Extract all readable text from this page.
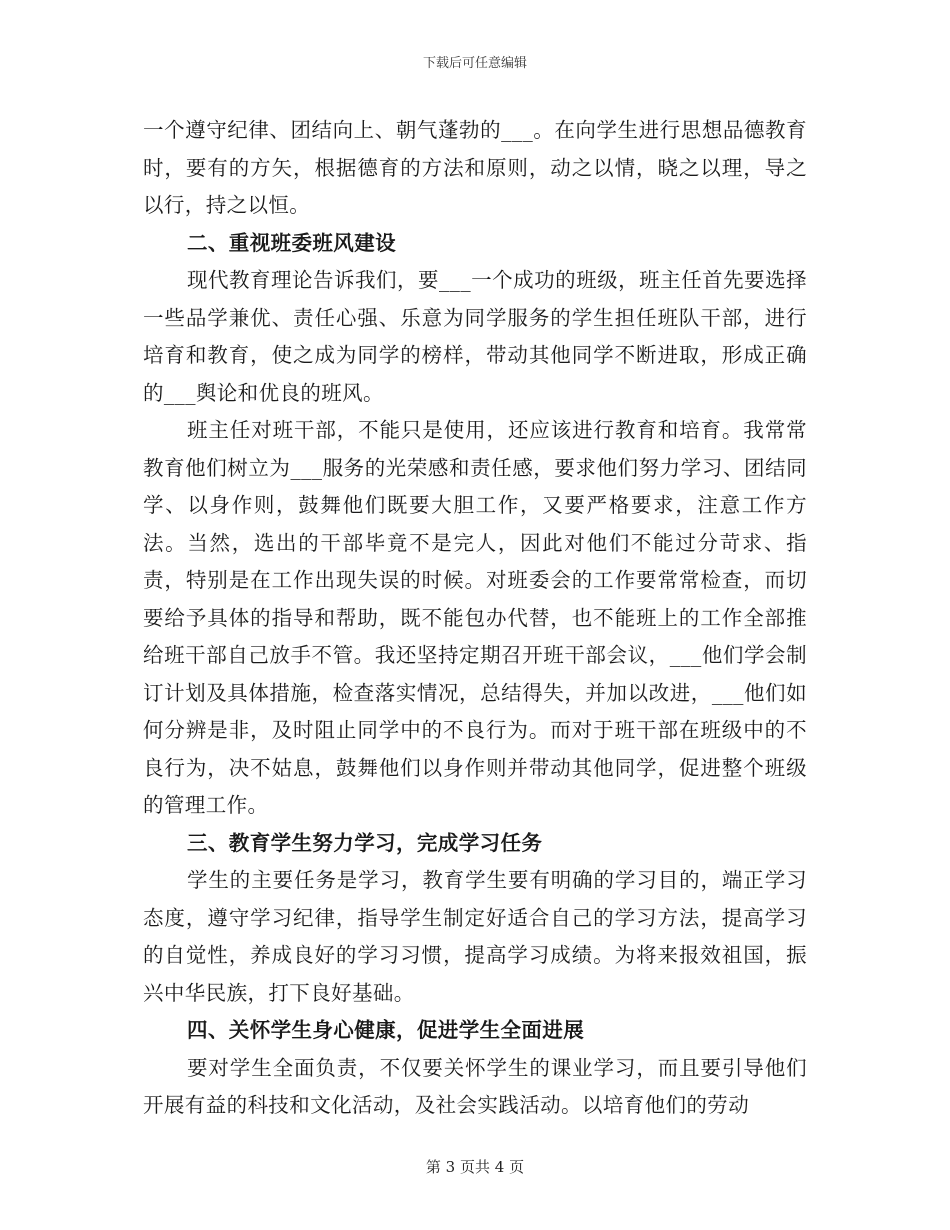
下载后可任意编辑

一个遵守纪律、团结向上、朝气蓬勃的___。在向学生进行思想品德教育时，要有的方矢，根据德育的方法和原则，动之以情，晓之以理，导之以行，持之以恒。

二、重视班委班风建设

现代教育理论告诉我们，要___一个成功的班级，班主任首先要选择一些品学兼优、责任心强、乐意为同学服务的学生担任班队干部，进行培育和教育，使之成为同学的榜样，带动其他同学不断进取，形成正确的___舆论和优良的班风。

班主任对班干部，不能只是使用，还应该进行教育和培育。我常常教育他们树立为___服务的光荣感和责任感，要求他们努力学习、团结同学、以身作则，鼓舞他们既要大胆工作，又要严格要求，注意工作方法。当然，选出的干部毕竟不是完人，因此对他们不能过分苛求、指责，特别是在工作出现失误的时候。对班委会的工作要常常检查，而切要给予具体的指导和帮助，既不能包办代替，也不能班上的工作全部推给班干部自己放手不管。我还坚持定期召开班干部会议，___他们学会制订计划及具体措施，检查落实情况，总结得失，并加以改进，___他们如何分辨是非，及时阻止同学中的不良行为。而对于班干部在班级中的不良行为，决不姑息，鼓舞他们以身作则并带动其他同学，促进整个班级的管理工作。

三、教育学生努力学习，完成学习任务

学生的主要任务是学习，教育学生要有明确的学习目的，端正学习态度，遵守学习纪律，指导学生制定好适合自己的学习方法，提高学习的自觉性，养成良好的学习习惯，提高学习成绩。为将来报效祖国，振兴中华民族，打下良好基础。

四、关怀学生身心健康，促进学生全面进展

要对学生全面负责，不仅要关怀学生的课业学习，而且要引导他们开展有益的科技和文化活动，及社会实践活动。以培育他们的劳动

第 3 页共 4 页
